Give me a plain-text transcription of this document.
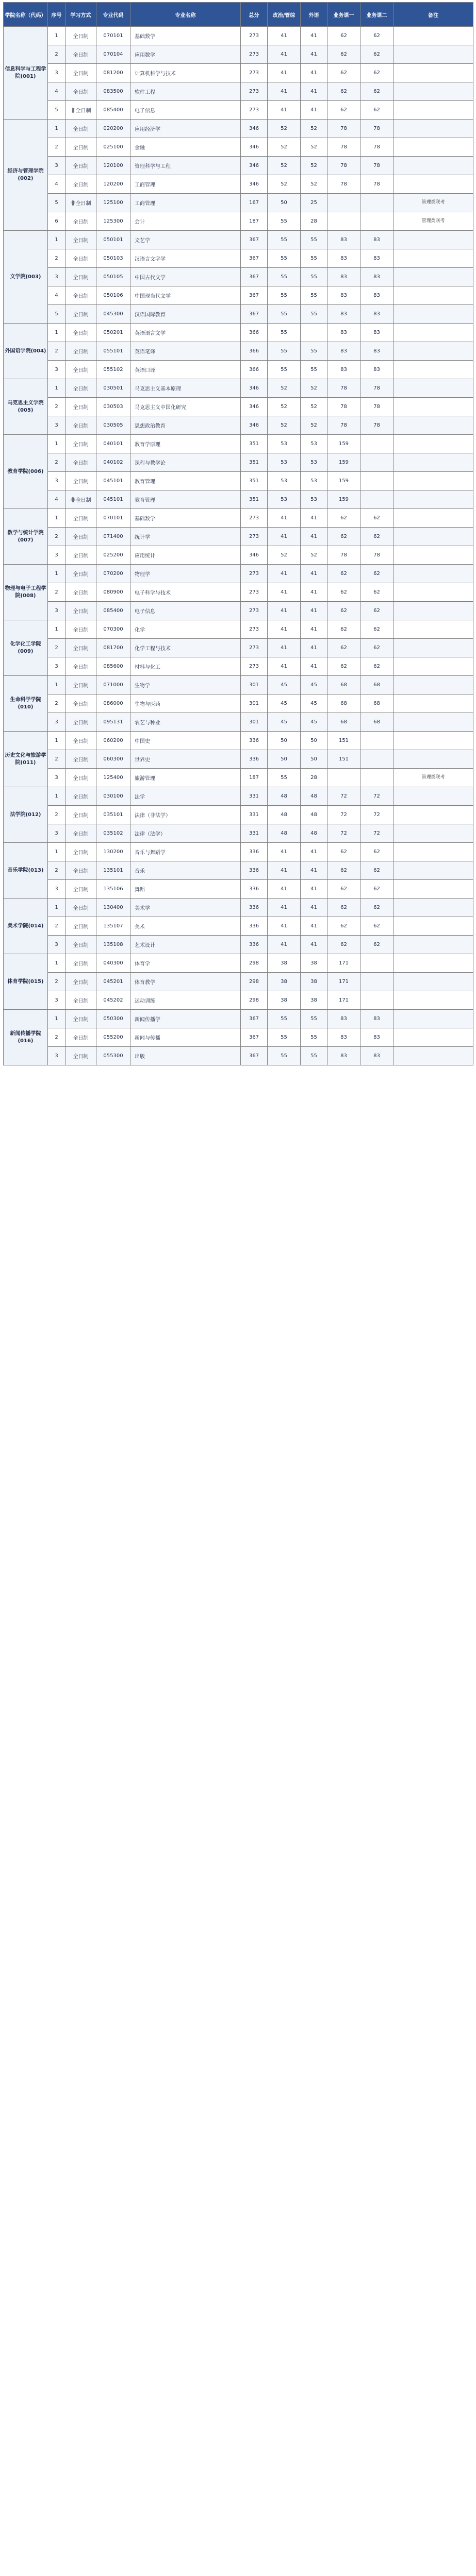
学院名称（代码）	序号	学习方式	专业代码	专业名称	总分	政治/管综	外语	业务课一	业务课二	备注
信息科学与工程学院(001)	1	全日制	070101	基础数学	273	41	41	62	62	
	2	全日制	070104	应用数学	273	41	41	62	62	
	3	全日制	081200	计算机科学与技术	273	41	41	62	62	
	4	全日制	083500	软件工程	273	41	41	62	62	
	5	非全日制	085400	电子信息	273	41	41	62	62	
经济与管理学院(002)	1	全日制	020200	应用经济学	346	52	52	78	78	
	2	全日制	025100	金融	346	52	52	78	78	
	3	全日制	120100	管理科学与工程	346	52	52	78	78	
	4	全日制	120200	工商管理	346	52	52	78	78	
	5	非全日制	125100	工商管理	167	50	25			管理类联考
	6	全日制	125300	会计	187	55	28			管理类联考
文学院(003)	1	全日制	050101	文艺学	367	55	55	83	83	
	2	全日制	050103	汉语言文字学	367	55	55	83	83	
	3	全日制	050105	中国古代文学	367	55	55	83	83	
	4	全日制	050106	中国现当代文学	367	55	55	83	83	
	5	全日制	045300	汉语国际教育	367	55	55	83	83	
外国语学院(004)	1	全日制	050201	英语语言文学	366	55		83	83	
	2	全日制	055101	英语笔译	366	55	55	83	83	
	3	全日制	055102	英语口译	366	55	55	83	83	
马克思主义学院(005)	1	全日制	030501	马克思主义基本原理	346	52	52	78	78	
	2	全日制	030503	马克思主义中国化研究	346	52	52	78	78	
	3	全日制	030505	思想政治教育	346	52	52	78	78	
教育学院(006)	1	全日制	040101	教育学原理	351	53	53	159		
	2	全日制	040102	课程与教学论	351	53	53	159		
	3	全日制	045101	教育管理	351	53	53	159		
	4	非全日制	045101	教育管理	351	53	53	159		
数学与统计学院(007)	1	全日制	070101	基础数学	273	41	41	62	62	
	2	全日制	071400	统计学	273	41	41	62	62	
	3	全日制	025200	应用统计	346	52	52	78	78	
物理与电子工程学院(008)	1	全日制	070200	物理学	273	41	41	62	62	
	2	全日制	080900	电子科学与技术	273	41	41	62	62	
	3	全日制	085400	电子信息	273	41	41	62	62	
化学化工学院(009)	1	全日制	070300	化学	273	41	41	62	62	
	2	全日制	081700	化学工程与技术	273	41	41	62	62	
	3	全日制	085600	材料与化工	273	41	41	62	62	
生命科学学院(010)	1	全日制	071000	生物学	301	45	45	68	68	
	2	全日制	086000	生物与医药	301	45	45	68	68	
	3	全日制	095131	农艺与种业	301	45	45	68	68	
历史文化与旅游学院(011)	1	全日制	060200	中国史	336	50	50	151		
	2	全日制	060300	世界史	336	50	50	151		
	3	全日制	125400	旅游管理	187	55	28			管理类联考
法学院(012)	1	全日制	030100	法学	331	48	48	72	72	
	2	全日制	035101	法律（非法学）	331	48	48	72	72	
	3	全日制	035102	法律（法学）	331	48	48	72	72	
音乐学院(013)	1	全日制	130200	音乐与舞蹈学	336	41	41	62	62	
	2	全日制	135101	音乐	336	41	41	62	62	
	3	全日制	135106	舞蹈	336	41	41	62	62	
美术学院(014)	1	全日制	130400	美术学	336	41	41	62	62	
	2	全日制	135107	美术	336	41	41	62	62	
	3	全日制	135108	艺术设计	336	41	41	62	62	
体育学院(015)	1	全日制	040300	体育学	298	38	38	171		
	2	全日制	045201	体育教学	298	38	38	171		
	3	全日制	045202	运动训练	298	38	38	171		
新闻传播学院(016)	1	全日制	050300	新闻传播学	367	55	55	83	83	
	2	全日制	055200	新闻与传播	367	55	55	83	83	
	3	全日制	055300	出版	367	55	55	83	83	
